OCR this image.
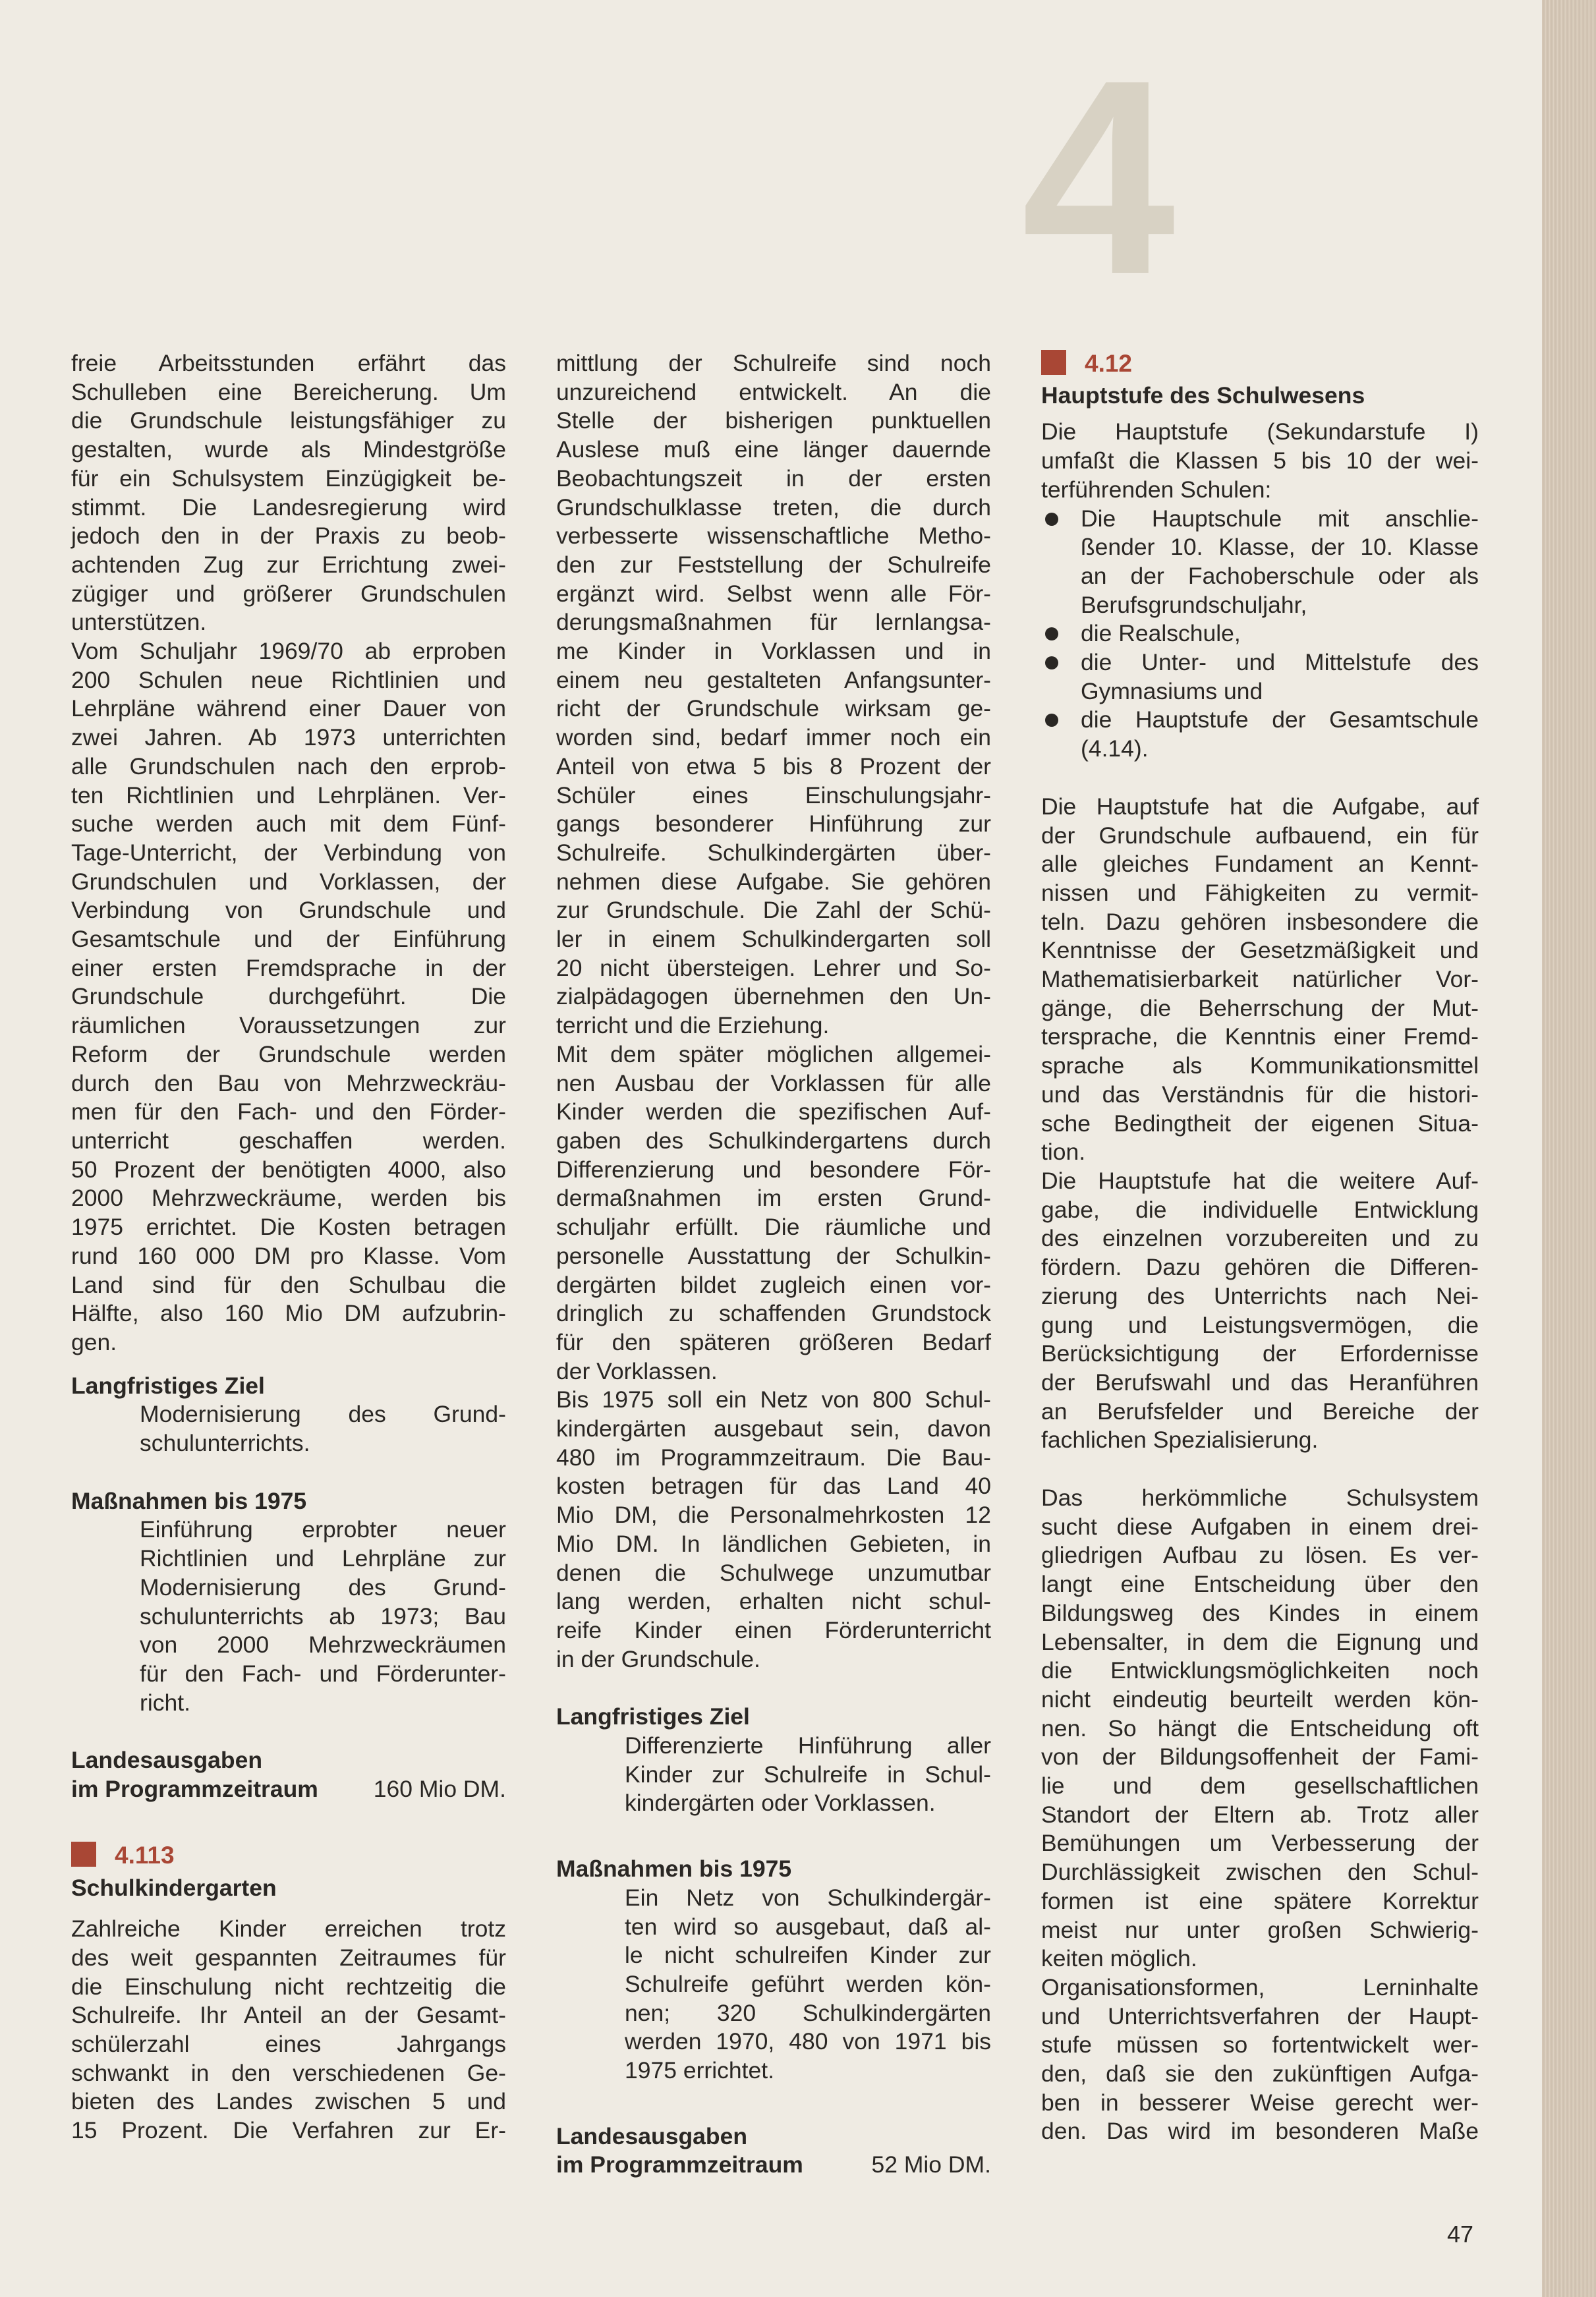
4
freie Arbeitsstunden erfährt das
Schulleben eine Bereicherung. Um
die Grundschule leistungsfähiger zu
gestalten, wurde als Mindestgröße
für ein Schulsystem Einzügigkeit be-
stimmt. Die Landesregierung wird
jedoch den in der Praxis zu beob-
achtenden Zug zur Errichtung zwei-
zügiger und größerer Grundschulen
unterstützen.
Vom Schuljahr 1969/70 ab erproben
200 Schulen neue Richtlinien und
Lehrpläne während einer Dauer von
zwei Jahren. Ab 1973 unterrichten
alle Grundschulen nach den erprob-
ten Richtlinien und Lehrplänen. Ver-
suche werden auch mit dem Fünf-
Tage-Unterricht, der Verbindung von
Grundschulen und Vorklassen, der
Verbindung von Grundschule und
Gesamtschule und der Einführung
einer ersten Fremdsprache in der
Grundschule durchgeführt. Die
räumlichen Voraussetzungen zur
Reform der Grundschule werden
durch den Bau von Mehrzweckräu-
men für den Fach- und den Förder-
unterricht geschaffen werden.
50 Prozent der benötigten 4000, also
2000 Mehrzweckräume, werden bis
1975 errichtet. Die Kosten betragen
rund 160 000 DM pro Klasse. Vom
Land sind für den Schulbau die
Hälfte, also 160 Mio DM aufzubrin-
gen.
Langfristiges Ziel
Modernisierung des Grund-
schulunterrichts.
Maßnahmen bis 1975
Einführung erprobter neuer
Richtlinien und Lehrpläne zur
Modernisierung des Grund-
schulunterrichts ab 1973; Bau
von 2000 Mehrzweckräumen
für den Fach- und Förderunter-
richt.
Landesausgaben
im Programmzeitraum 160 Mio DM.
4.113
Schulkindergarten
Zahlreiche Kinder erreichen trotz
des weit gespannten Zeitraumes für
die Einschulung nicht rechtzeitig die
Schulreife. Ihr Anteil an der Gesamt-
schülerzahl eines Jahrgangs
schwankt in den verschiedenen Ge-
bieten des Landes zwischen 5 und
15 Prozent. Die Verfahren zur Er-
mittlung der Schulreife sind noch
unzureichend entwickelt. An die
Stelle der bisherigen punktuellen
Auslese muß eine länger dauernde
Beobachtungszeit in der ersten
Grundschulklasse treten, die durch
verbesserte wissenschaftliche Metho-
den zur Feststellung der Schulreife
ergänzt wird. Selbst wenn alle För-
derungsmaßnahmen für lernlangsa-
me Kinder in Vorklassen und in
einem neu gestalteten Anfangsunter-
richt der Grundschule wirksam ge-
worden sind, bedarf immer noch ein
Anteil von etwa 5 bis 8 Prozent der
Schüler eines Einschulungsjahr-
gangs besonderer Hinführung zur
Schulreife. Schulkindergärten über-
nehmen diese Aufgabe. Sie gehören
zur Grundschule. Die Zahl der Schü-
ler in einem Schulkindergarten soll
20 nicht übersteigen. Lehrer und So-
zialpädagogen übernehmen den Un-
terricht und die Erziehung.
Mit dem später möglichen allgemei-
nen Ausbau der Vorklassen für alle
Kinder werden die spezifischen Auf-
gaben des Schulkindergartens durch
Differenzierung und besondere För-
dermaßnahmen im ersten Grund-
schuljahr erfüllt. Die räumliche und
personelle Ausstattung der Schulkin-
dergärten bildet zugleich einen vor-
dringlich zu schaffenden Grundstock
für den späteren größeren Bedarf
der Vorklassen.
Bis 1975 soll ein Netz von 800 Schul-
kindergärten ausgebaut sein, davon
480 im Programmzeitraum. Die Bau-
kosten betragen für das Land 40
Mio DM, die Personalmehrkosten 12
Mio DM. In ländlichen Gebieten, in
denen die Schulwege unzumutbar
lang werden, erhalten nicht schul-
reife Kinder einen Förderunterricht
in der Grundschule.
Langfristiges Ziel
Differenzierte Hinführung aller
Kinder zur Schulreife in Schul-
kindergärten oder Vorklassen.
Maßnahmen bis 1975
Ein Netz von Schulkindergär-
ten wird so ausgebaut, daß al-
le nicht schulreifen Kinder zur
Schulreife geführt werden kön-
nen; 320 Schulkindergärten
werden 1970, 480 von 1971 bis
1975 errichtet.
Landesausgaben
im Programmzeitraum	52 Mio DM.
4.12
Hauptstufe des Schulwesens
Die Hauptstufe (Sekundarstufe I)
umfaßt die Klassen 5 bis 10 der wei-
terführenden Schulen:
Die Hauptschule mit anschlie-
ßender 10. Klasse, der 10. Klasse
an der Fachoberschule oder als
Berufsgrundschuljahr,
die Realschule,
die Unter- und Mittelstufe des
Gymnasiums und
die Hauptstufe der Gesamtschule
(4.14).
Die Hauptstufe hat die Aufgabe, auf
der Grundschule aufbauend, ein für
alle gleiches Fundament an Kennt-
nissen und Fähigkeiten zu vermit-
teln. Dazu gehören insbesondere die
Kenntnisse der Gesetzmäßigkeit und
Mathematisierbarkeit natürlicher Vor-
gänge, die Beherrschung der Mut-
tersprache, die Kenntnis einer Fremd-
sprache als Kommunikationsmittel
und das Verständnis für die histori-
sche Bedingtheit der eigenen Situa-
tion.
Die Hauptstufe hat die weitere Auf-
gabe, die individuelle Entwicklung
des einzelnen vorzubereiten und zu
fördern. Dazu gehören die Differen-
zierung des Unterrichts nach Nei-
gung und Leistungsvermögen, die
Berücksichtigung der Erfordernisse
der Berufswahl und das Heranführen
an Berufsfelder und Bereiche der
fachlichen Spezialisierung.
Das herkömmliche Schulsystem
sucht diese Aufgaben in einem drei-
gliedrigen Aufbau zu lösen. Es ver-
langt eine Entscheidung über den
Bildungsweg des Kindes in einem
Lebensalter, in dem die Eignung und
die Entwicklungsmöglichkeiten noch
nicht eindeutig beurteilt werden kön-
nen. So hängt die Entscheidung oft
von der Bildungsoffenheit der Fami-
lie und dem gesellschaftlichen
Standort der Eltern ab. Trotz aller
Bemühungen um Verbesserung der
Durchlässigkeit zwischen den Schul-
formen ist eine spätere Korrektur
meist nur unter großen Schwierig-
keiten möglich.
Organisationsformen, Lerninhalte
und Unterrichtsverfahren der Haupt-
stufe müssen so fortentwickelt wer-
den, daß sie den zukünftigen Aufga-
ben in besserer Weise gerecht wer-
den. Das wird im besonderen Maße
47
